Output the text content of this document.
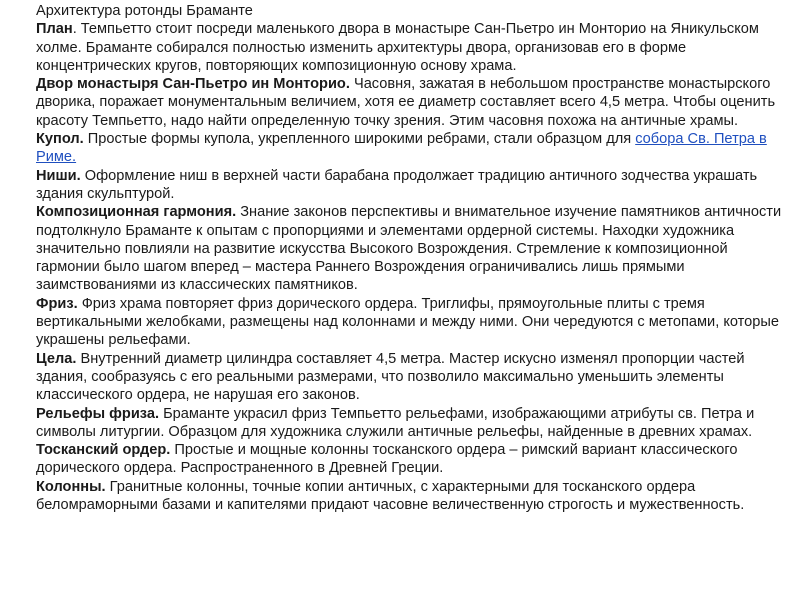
Архитектура ротонды Браманте

План. Темпьетто стоит посреди маленького двора в монастыре Сан-Пьетро ин Монторио на Яникульском холме. Браманте собирался полностью изменить архитектуры двора, организовав его в форме концентрических кругов, повторяющих композиционную основу храма.

Двор монастыря Сан-Пьетро ин Монторио. Часовня, зажатая в небольшом пространстве монастырского дворика, поражает монументальным величием, хотя ее диаметр составляет всего 4,5 метра. Чтобы оценить красоту Темпьетто, надо найти определенную точку зрения. Этим часовня похожа на античные храмы.

Купол. Простые формы купола, укрепленного широкими ребрами, стали образцом для собора Св. Петра в Риме.

Ниши. Оформление ниш в верхней части барабана продолжает традицию античного зодчества украшать здания скульптурой.

Композиционная гармония. Знание законов перспективы и внимательное изучение памятников античности подтолкнуло Браманте к опытам с пропорциями и элементами ордерной системы. Находки художника значительно повлияли на развитие искусства Высокого Возрождения. Стремление к композиционной гармонии было шагом вперед – мастера Раннего Возрождения ограничивались лишь прямыми заимствованиями из классических памятников.

Фриз. Фриз храма повторяет фриз дорического ордера. Триглифы, прямоугольные плиты с тремя вертикальными желобками, размещены над колоннами и между ними. Они чередуются с метопами, которые украшены рельефами.

Цела. Внутренний диаметр цилиндра составляет 4,5 метра. Мастер искусно изменял пропорции частей здания, сообразуясь с его реальными размерами, что позволило максимально уменьшить элементы классического ордера, не нарушая его законов.

Рельефы фриза. Браманте украсил фриз Темпьетто рельефами, изображающими атрибуты св. Петра и символы литургии. Образцом для художника служили античные рельефы, найденные в древних храмах.

Тосканский ордер. Простые и мощные колонны тосканского ордера – римский вариант классического дорического ордера. Распространенного в Древней Греции.

Колонны. Гранитные колонны, точные копии античных, с характерными для тосканского ордера беломраморными базами и капителями придают часовне величественную строгость и мужественность.
